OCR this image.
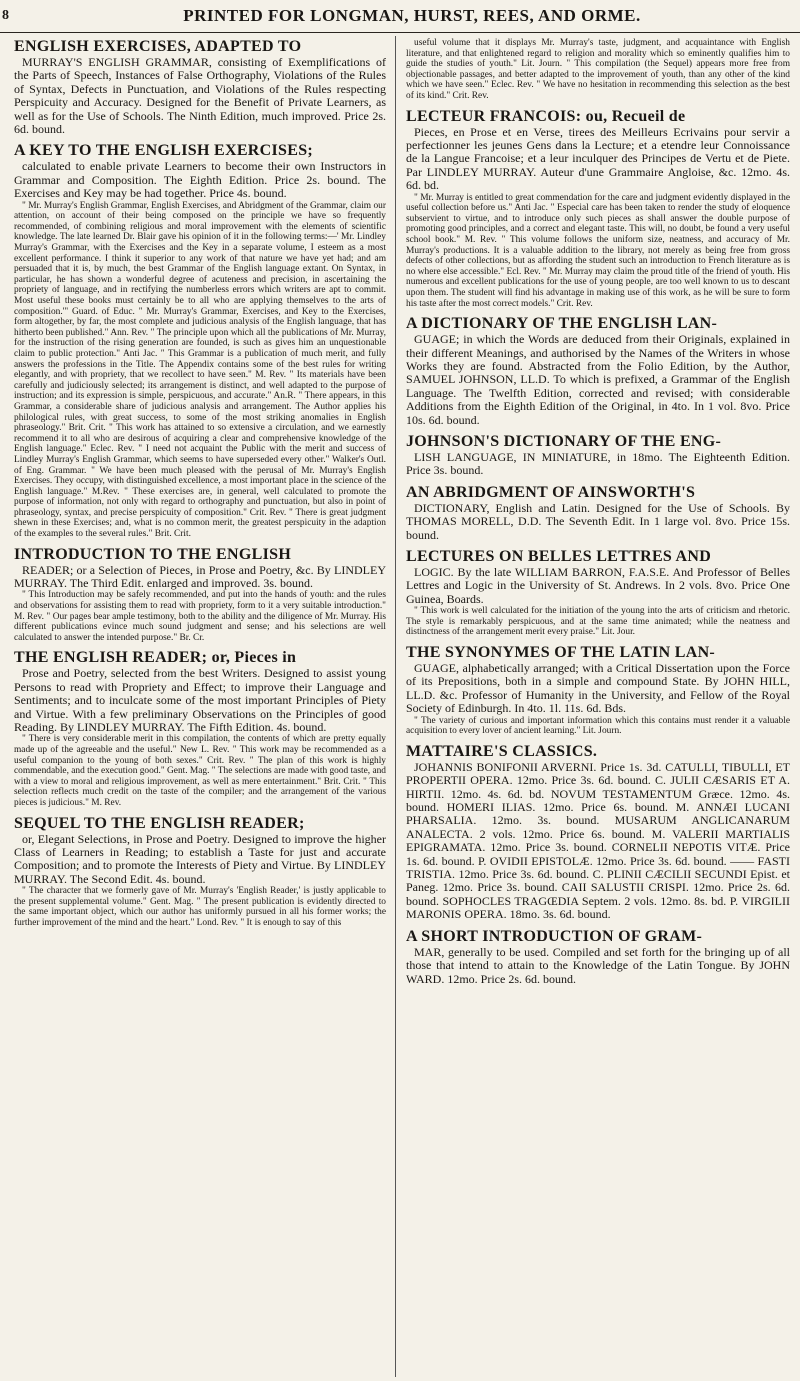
8	PRINTED FOR LONGMAN, HURST, REES, AND ORME.

ENGLISH EXERCISES, ADAPTED TO

MURRAY'S ENGLISH GRAMMAR, consisting of Exemplifications of the Parts of Speech, Instances of False Orthography, Violations of the Rules of Syntax, Defects in Punctuation, and Violations of the Rules respecting Perspicuity and Accuracy. Designed for the Benefit of Private Learners, as well as for the Use of Schools. The Ninth Edition, much improved. Price 2s. 6d. bound.

A KEY TO THE ENGLISH EXERCISES;

calculated to enable private Learners to become their own Instructors in Grammar and Composition. The Eighth Edition. Price 2s. bound. The Exercises and Key may be had together. Price 4s. bound.

" Mr. Murray's English Grammar, English Exercises, and Abridgment of the Grammar, claim our attention, on account of their being composed on the principle we have so frequently recommended, of combining religious and moral improvement with the elements of scientific knowledge. The late learned Dr. Blair gave his opinion of it in the following terms:—' Mr. Lindley Murray's Grammar, with the Exercises and the Key in a separate volume, I esteem as a most excellent performance. I think it superior to any work of that nature we have yet had; and am persuaded that it is, by much, the best Grammar of the English language extant. On Syntax, in particular, he has shown a wonderful degree of acuteness and precision, in ascertaining the propriety of language, and in rectifying the numberless errors which writers are apt to commit. Most useful these books must certainly be to all who are applying themselves to the arts of composition.'" Guard. of Educ. " Mr. Murray's Grammar, Exercises, and Key to the Exercises, form altogether, by far, the most complete and judicious analysis of the English language, that has hitherto been published." Ann. Rev. " The principle upon which all the publications of Mr. Murray, for the instruction of the rising generation are founded, is such as gives him an unquestionable claim to public protection." Anti Jac. " This Grammar is a publication of much merit, and fully answers the professions in the Title. The Appendix contains some of the best rules for writing elegantly, and with propriety, that we recollect to have seen." M. Rev. " Its materials have been carefully and judiciously selected; its arrangement is distinct, and well adapted to the purpose of instruction; and its expression is simple, perspicuous, and accurate." An.R. " There appears, in this Grammar, a considerable share of judicious analysis and arrangement. The Author applies his philological rules, with great success, to some of the most striking anomalies in English phraseology." Brit. Crit. " This work has attained to so extensive a circulation, and we earnestly recommend it to all who are desirous of acquiring a clear and comprehensive knowledge of the English language." Eclec. Rev. " I need not acquaint the Public with the merit and success of Lindley Murray's English Grammar, which seems to have superseded every other." Walker's Outl. of Eng. Grammar. " We have been much pleased with the perusal of Mr. Murray's English Exercises. They occupy, with distinguished excellence, a most important place in the science of the English language." M.Rev. " These exercises are, in general, well calculated to promote the purpose of information, not only with regard to orthography and punctuation, but also in point of phraseology, syntax, and precise perspicuity of composition." Crit. Rev. " There is great judgment shewn in these Exercises; and, what is no common merit, the greatest perspicuity in the adaption of the examples to the several rules." Brit. Crit.

INTRODUCTION TO THE ENGLISH

READER; or a Selection of Pieces, in Prose and Poetry, &c. By LINDLEY MURRAY. The Third Edit. enlarged and improved. 3s. bound.

" This Introduction may be safely recommended, and put into the hands of youth: and the rules and observations for assisting them to read with propriety, form to it a very suitable introduction." M. Rev. " Our pages bear ample testimony, both to the ability and the diligence of Mr. Murray. His different publications evince much sound judgment and sense; and his selections are well calculated to answer the intended purpose." Br. Cr.

THE ENGLISH READER; or, Pieces in

Prose and Poetry, selected from the best Writers. Designed to assist young Persons to read with Propriety and Effect; to improve their Language and Sentiments; and to inculcate some of the most important Principles of Piety and Virtue. With a few preliminary Observations on the Principles of good Reading. By LINDLEY MURRAY. The Fifth Edition. 4s. bound.

" There is very considerable merit in this compilation, the contents of which are pretty equally made up of the agreeable and the useful." New L. Rev. " This work may be recommended as a useful companion to the young of both sexes." Crit. Rev. " The plan of this work is highly commendable, and the execution good." Gent. Mag. " The selections are made with good taste, and with a view to moral and religious improvement, as well as mere entertainment." Brit. Crit. " This selection reflects much credit on the taste of the compiler; and the arrangement of the various pieces is judicious." M. Rev.

SEQUEL TO THE ENGLISH READER;

or, Elegant Selections, in Prose and Poetry. Designed to improve the higher Class of Learners in Reading; to establish a Taste for just and accurate Composition; and to promote the Interests of Piety and Virtue. By LINDLEY MURRAY. The Second Edit. 4s. bound.

" The character that we formerly gave of Mr. Murray's 'English Reader,' is justly applicable to the present supplemental volume." Gent. Mag. " The present publication is evidently directed to the same important object, which our author has uniformly pursued in all his former works; the further improvement of the mind and the heart." Lond. Rev. " It is enough to say of this

useful volume that it displays Mr. Murray's taste, judgment, and acquaintance with English literature, and that enlightened regard to religion and morality which so eminently qualifies him to guide the studies of youth." Lit. Journ. " This compilation (the Sequel) appears more free from objectionable passages, and better adapted to the improvement of youth, than any other of the kind which we have seen." Eclec. Rev. " We have no hesitation in recommending this selection as the best of its kind." Crit. Rev.

LECTEUR FRANCOIS: ou, Recueil de

Pieces, en Prose et en Verse, tirees des Meilleurs Ecrivains pour servir a perfectionner les jeunes Gens dans la Lecture; et a etendre leur Connoissance de la Langue Francoise; et a leur inculquer des Principes de Vertu et de Piete. Par LINDLEY MURRAY. Auteur d'une Grammaire Angloise, &c. 12mo. 4s. 6d. bd.

" Mr. Murray is entitled to great commendation for the care and judgment evidently displayed in the useful collection before us." Anti Jac. " Especial care has been taken to render the study of eloquence subservient to virtue, and to introduce only such pieces as shall answer the double purpose of promoting good principles, and a correct and elegant taste. This will, no doubt, be found a very useful school book." M. Rev. " This volume follows the uniform size, neatness, and accuracy of Mr. Murray's productions. It is a valuable addition to the library, not merely as being free from gross defects of other collections, but as affording the student such an introduction to French literature as is no where else accessible." Ecl. Rev. " Mr. Murray may claim the proud title of the friend of youth. His numerous and excellent publications for the use of young people, are too well known to us to descant upon them. The student will find his advantage in making use of this work, as he will be sure to form his taste after the most correct models." Crit. Rev.

A DICTIONARY OF THE ENGLISH LAN-

GUAGE; in which the Words are deduced from their Originals, explained in their different Meanings, and authorised by the Names of the Writers in whose Works they are found. Abstracted from the Folio Edition, by the Author, SAMUEL JOHNSON, LL.D. To which is prefixed, a Grammar of the English Language. The Twelfth Edition, corrected and revised; with considerable Additions from the Eighth Edition of the Original, in 4to. In 1 vol. 8vo. Price 10s. 6d. bound.

JOHNSON'S DICTIONARY OF THE ENG-

LISH LANGUAGE, IN MINIATURE, in 18mo. The Eighteenth Edition. Price 3s. bound.

AN ABRIDGMENT OF AINSWORTH'S

DICTIONARY, English and Latin. Designed for the Use of Schools. By THOMAS MORELL, D.D. The Seventh Edit. In 1 large vol. 8vo. Price 15s. bound.

LECTURES ON BELLES LETTRES AND

LOGIC. By the late WILLIAM BARRON, F.A.S.E. And Professor of Belles Lettres and Logic in the University of St. Andrews. In 2 vols. 8vo. Price One Guinea, Boards.

" This work is well calculated for the initiation of the young into the arts of criticism and rhetoric. The style is remarkably perspicuous, and at the same time animated; while the neatness and distinctness of the arrangement merit every praise." Lit. Jour.

THE SYNONYMES OF THE LATIN LAN-

GUAGE, alphabetically arranged; with a Critical Dissertation upon the Force of its Prepositions, both in a simple and compound State. By JOHN HILL, LL.D. &c. Professor of Humanity in the University, and Fellow of the Royal Society of Edinburgh. In 4to. 1l. 11s. 6d. Bds.

" The variety of curious and important information which this contains must render it a valuable acquisition to every lover of ancient learning." Lit. Journ.

MATTAIRE'S CLASSICS.

JOHANNIS BONIFONII ARVERNI. Price 1s. 3d. CATULLI, TIBULLI, ET PROPERTII OPERA. 12mo. Price 3s. 6d. bound. C. JULII CÆSARIS ET A. HIRTII. 12mo. 4s. 6d. bd. NOVUM TESTAMENTUM Græce. 12mo. 4s. bound. HOMERI ILIAS. 12mo. Price 6s. bound. M. ANNÆI LUCANI PHARSALIA. 12mo. 3s. bound. MUSARUM ANGLICANARUM ANALECTA. 2 vols. 12mo. Price 6s. bound. M. VALERII MARTIALIS EPIGRAMATA. 12mo. Price 3s. bound. CORNELII NEPOTIS VITÆ. Price 1s. 6d. bound. P. OVIDII EPISTOLÆ. 12mo. Price 3s. 6d. bound. —— FASTI TRISTIA. 12mo. Price 3s. 6d. bound. C. PLINII CÆCILII SECUNDI Epist. et Paneg. 12mo. Price 3s. bound. CAII SALUSTII CRISPI. 12mo. Price 2s. 6d. bound. SOPHOCLES TRAGŒDIA Septem. 2 vols. 12mo. 8s. bd. P. VIRGILII MARONIS OPERA. 18mo. 3s. 6d. bound.

A SHORT INTRODUCTION OF GRAM-

MAR, generally to be used. Compiled and set forth for the bringing up of all those that intend to attain to the Knowledge of the Latin Tongue. By JOHN WARD. 12mo. Price 2s. 6d. bound.
